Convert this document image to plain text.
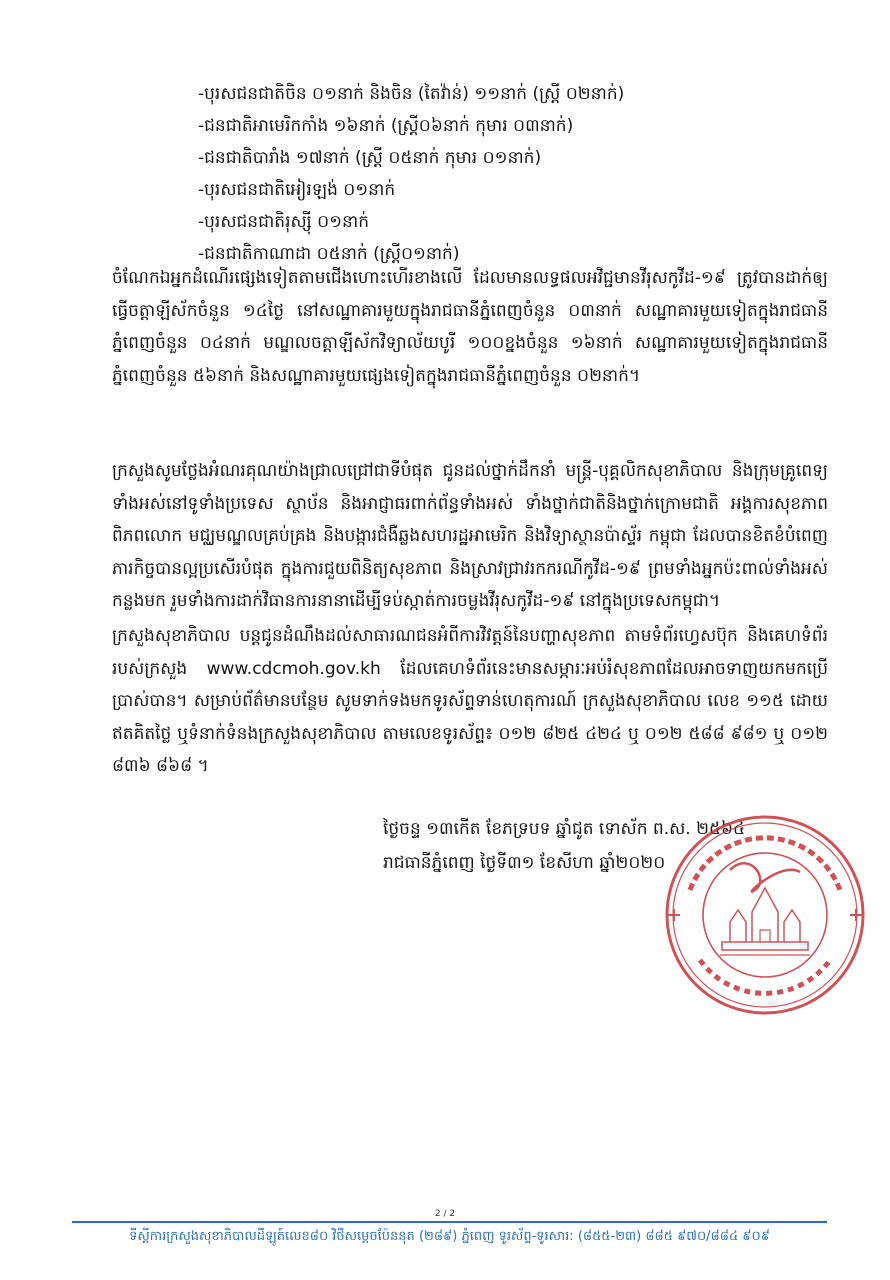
-បុរសជនជាតិចិន ០១នាក់ និងចិន (តៃវ៉ាន់) ១១នាក់ (ស្ត្រី ០២នាក់)
-ជនជាតិអាមេរិកកាំង ១៦នាក់ (ស្ត្រី០៦នាក់ កុមារ ០៣នាក់)
-ជនជាតិបារាំង ១៧នាក់ (ស្ត្រី ០៥នាក់ កុមារ ០១នាក់)
-បុរសជនជាតិអៀរឡង់ ០១នាក់
-បុរសជនជាតិរុស្ស៊ី ០១នាក់
-ជនជាតិកាណាដា ០៥នាក់ (ស្ត្រី០១នាក់)

ចំណែកឯអ្នកដំណើរផ្សេងទៀតតាមជើងហោះហើរខាងលើ ដែលមានលទ្ធផលអវិជ្ជមានវីរុសកូវីដ-១៩ ត្រូវបានដាក់ឲ្យធ្វើចត្តាឡីស័កចំនួន ១៤ថ្ងៃ នៅសណ្ឋាគារមួយក្នុងរាជធានីភ្នំពេញចំនួន ០៣នាក់ សណ្ឋាគារមួយទៀតក្នុងរាជធានីភ្នំពេញចំនួន ០៤នាក់ មណ្ឌលចត្តាឡីស័កវិទ្យាល័យបូរី ១០០ខ្នងចំនួន ១៦នាក់ សណ្ឋាគារមួយទៀតក្នុងរាជធានីភ្នំពេញចំនួន ៥៦នាក់ និងសណ្ឋាគារមួយផ្សេងទៀតក្នុងរាជធានីភ្នំពេញចំនួន ០២នាក់។

ក្រសួងសូមថ្លែងអំណរគុណយ៉ាងជ្រាលជ្រៅជាទីបំផុត ជូនដល់ថ្នាក់ដឹកនាំ មន្ត្រី-បុគ្គលិកសុខាភិបាល និងក្រុមគ្រូពេទ្យទាំងអស់នៅទូទាំងប្រទេស ស្ថាប័ន និងអាជ្ញាធរពាក់ព័ន្ធទាំងអស់ ទាំងថ្នាក់ជាតិនិងថ្នាក់ក្រោមជាតិ អង្គការសុខភាពពិភពលោក មជ្ឈមណ្ឌលគ្រប់គ្រង និងបង្ការជំងឺឆ្លងសហរដ្ឋអាមេរិក និងវិទ្យាស្ថានប៉ាស្ទ័រ កម្ពុជា ដែលបានខិតខំបំពេញភារកិច្ចបានល្អប្រសើរបំផុត ក្នុងការជួយពិនិត្យសុខភាព និងស្រាវជ្រាវរកករណីកូវីដ-១៩ ព្រមទាំងអ្នកប៉ះពាល់ទាំងអស់កន្លងមក រួមទាំងការដាក់វិធានការនានាដើម្បីទប់ស្កាត់ការចម្លងវីរុសកូវីដ-១៩ នៅក្នុងប្រទេសកម្ពុជា។

ក្រសួងសុខាភិបាល បន្តជូនដំណឹងដល់សាធារណជនអំពីការវិវត្តន៍នៃបញ្ហាសុខភាព តាមទំព័រហ្វេសប៊ុក និងគេហទំព័ររបស់ក្រសួង www.cdcmoh.gov.kh ដែលគេហទំព័រនេះមានសម្ភារៈអប់រំសុខភាពដែលអាចទាញយកមកប្រើប្រាស់បាន។ សម្រាប់ព័ត៌មានបន្ថែម សូមទាក់ទងមកទូរស័ព្ទទាន់ហេតុការណ៍ ក្រសួងសុខាភិបាល លេខ ១១៥ ដោយឥតគិតថ្លៃ ឬទំនាក់ទំនងក្រសួងសុខាភិបាល តាមលេខទូរស័ព្ទ៖ ០១២ ៨២៥ ៤២៤ ឬ ០១២ ៥៨៨ ៩៨១ ឬ ០១២ ៨៣៦ ៨៦៨ ។

ថ្ងៃចន្ទ ១៣កើត ខែភទ្របទ ឆ្នាំជូត ទោស័ក ព.ស. ២៥៦៤
រាជធានីភ្នំពេញ ថ្ងៃទី៣១ ខែសីហា ឆ្នាំ២០២០
2 / 2
ទីស្តីការក្រសួងសុខាភិបាលដីឡូត៍លេខ៨០ វិថីសម្តេចប៉ែននុត (២៨៩) ភ្នំពេញ ទូរស័ព្ទ-ទូរសារ: (៨៥៥-២៣) ៨៨៥ ៩៧០/៨៨៤ ៩០៩
